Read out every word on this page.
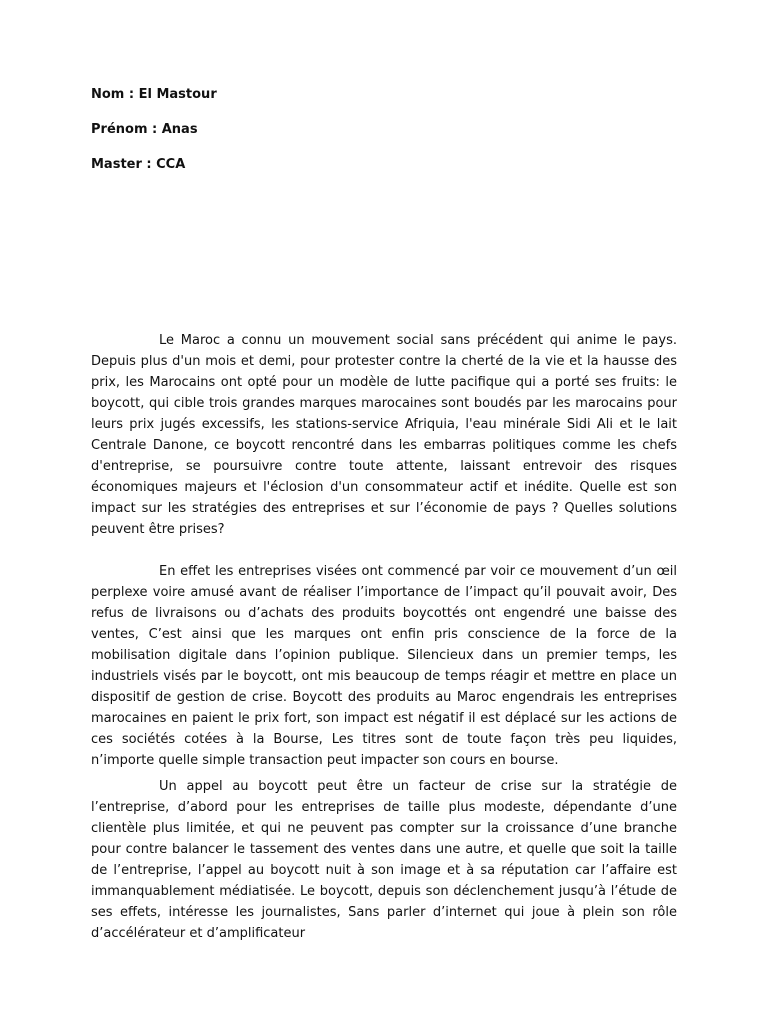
Nom : El Mastour
Prénom : Anas
Master : CCA

Le Maroc a connu un mouvement social sans précédent qui anime le pays. Depuis plus d'un mois et demi, pour protester contre la cherté de la vie et la hausse des prix, les Marocains ont opté pour un modèle de lutte pacifique qui a porté ses fruits: le boycott, qui cible trois grandes marques marocaines sont boudés par les marocains pour leurs prix jugés excessifs, les stations-service Afriquia, l'eau minérale Sidi Ali et le lait Centrale Danone, ce boycott rencontré dans les embarras politiques comme les chefs d'entreprise, se poursuivre contre toute attente, laissant entrevoir des risques économiques majeurs et l'éclosion d'un consommateur actif et inédite. Quelle est son impact sur les stratégies des entreprises et sur l’économie de pays ? Quelles solutions peuvent être prises?

En effet les entreprises visées ont commencé par voir ce mouvement d’un œil perplexe voire amusé avant de réaliser l’importance de l’impact qu’il pouvait avoir, Des refus de livraisons ou d’achats des produits boycottés ont engendré une baisse des ventes, C’est ainsi que les marques ont enfin pris conscience de la force de la mobilisation digitale dans l’opinion publique. Silencieux dans un premier temps, les industriels visés par le boycott, ont mis beaucoup de temps réagir et mettre en place un dispositif de gestion de crise. Boycott des produits au Maroc engendrais les entreprises marocaines en paient le prix fort, son impact est négatif il est déplacé sur les actions de ces sociétés cotées à la Bourse, Les titres sont de toute façon très peu liquides, n’importe quelle simple transaction peut impacter son cours en bourse.

Un appel au boycott peut être un facteur de crise sur la stratégie de l’entreprise, d’abord pour les entreprises de taille plus modeste, dépendante d’une clientèle plus limitée, et qui ne peuvent pas compter sur la croissance d’une branche pour contre balancer le tassement des ventes dans une autre, et quelle que soit la taille de l’entreprise, l’appel au boycott nuit à son image et à sa réputation car l’affaire est immanquablement médiatisée. Le boycott, depuis son déclenchement jusqu’à l’étude de ses effets, intéresse les journalistes, Sans parler d’internet qui joue à plein son rôle d’accélérateur et d’amplificateur
